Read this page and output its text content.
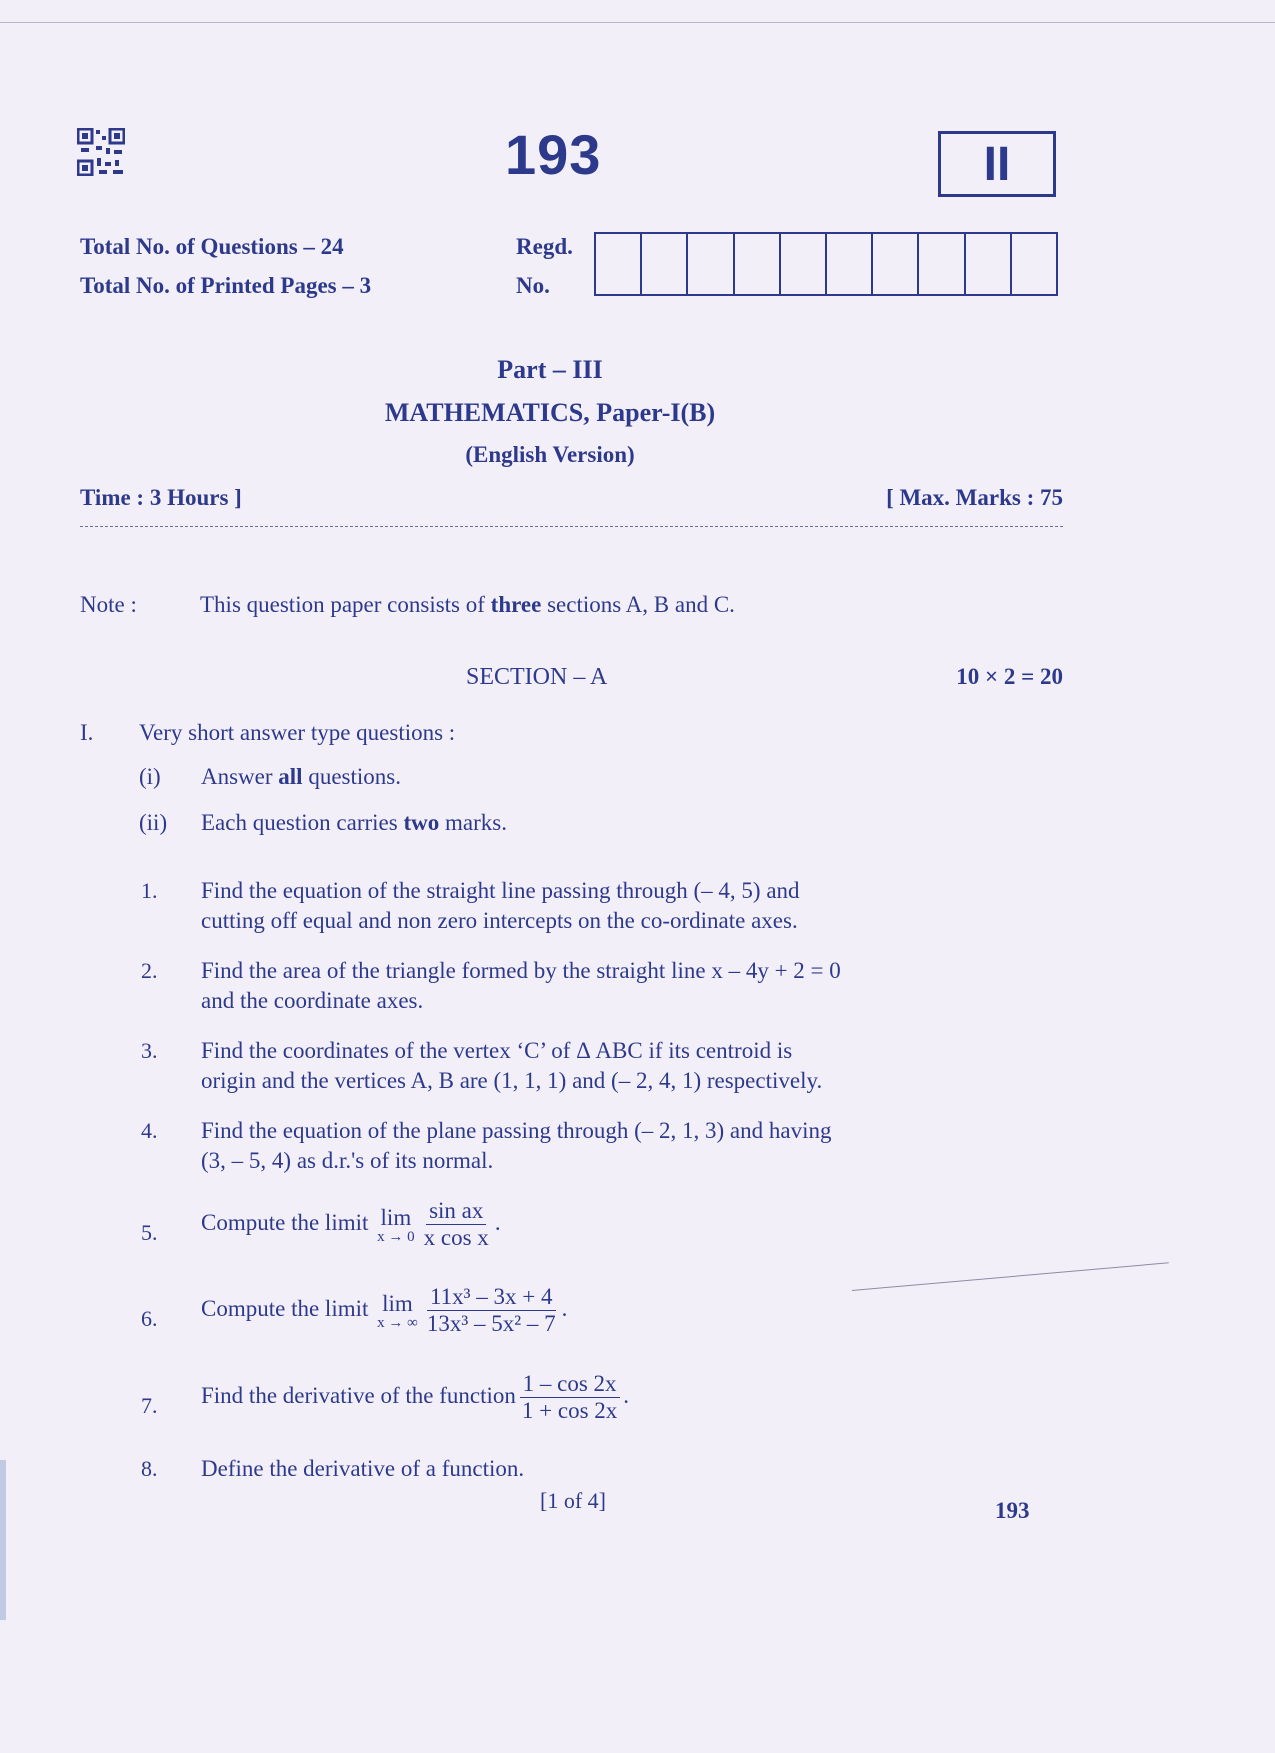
193	II
Total No. of Questions – 24
Total No. of Printed Pages – 3
Regd.
No.
Part – III
MATHEMATICS, Paper-I(B)
(English Version)
Time : 3 Hours ]	[ Max. Marks : 75
Note :	This question paper consists of three sections A, B and C.
SECTION – A	10 × 2 = 20
I. Very short answer type questions :
(i) Answer all questions.
(ii) Each question carries two marks.
1. Find the equation of the straight line passing through (– 4, 5) and
cutting off equal and non zero intercepts on the co-ordinate axes.
2. Find the area of the triangle formed by the straight line x – 4y + 2 = 0
and the coordinate axes.
3. Find the coordinates of the vertex ‘C’ of Δ ABC if its centroid is
origin and the vertices A, B are (1, 1, 1) and (– 2, 4, 1) respectively.
4. Find the equation of the plane passing through (– 2, 1, 3) and having
(3, – 5, 4) as d.r.'s of its normal.
5. Compute the limit lim
$x \to 0 \frac{\text{sin ax}}{\text{x cos x}}$ .
6. Compute the limit lim
x → ∞ $\frac{\text{11x³ – 3x + 4}}{\text{13x³ – 5x² – 7}}$ .
7. Find the derivative of the function $\frac{1 - \cos 2x}{1 + \cos 2x}$ .
8. Define the derivative of a function.
[1 of 4]	193
